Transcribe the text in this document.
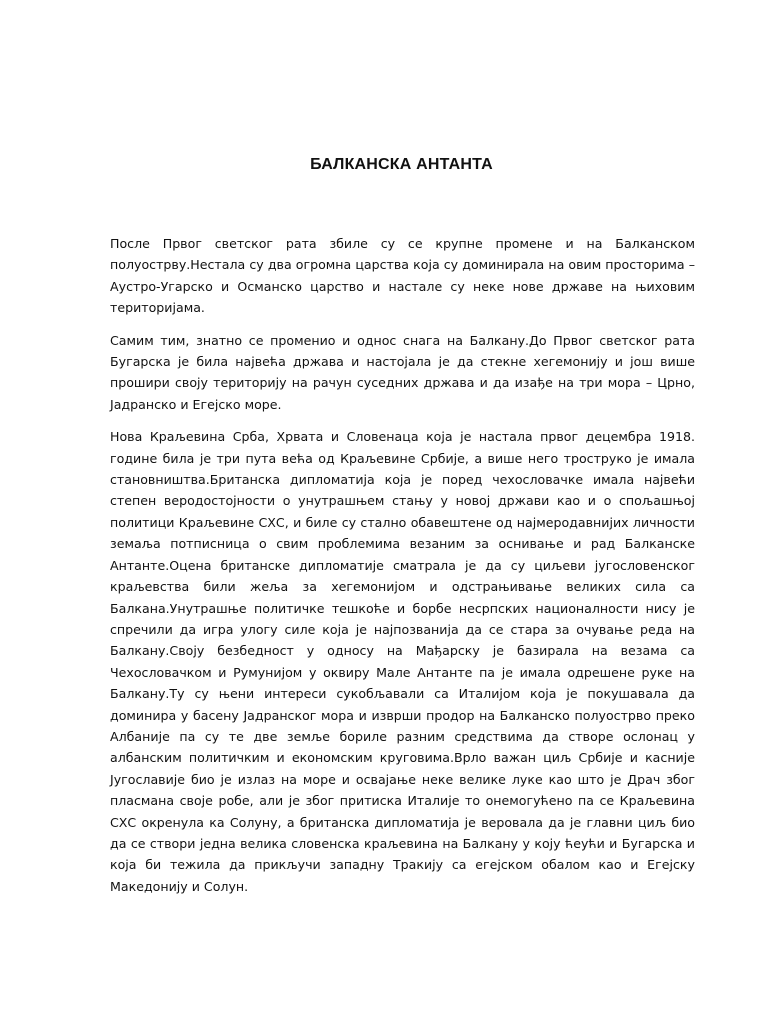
БАЛКАНСКА АНТАНТА

После Првог светског рата збиле су се крупне промене и на Балканском полуострву.Нестала су два огромна царства која су доминирала на овим просторима – Аустро-Угарско и Османско царство и настале су неке нове државе на њиховим територијама.

Самим тим, знатно се променио и однос снага на Балкану.До Првог светског рата Бугарска је била највећа држава и настојала је да стекне хегемонију и још више прошири своју територију на рачун суседних држава и да изађе на три мора – Црно, Јадранско и Егејско море.

Нова Краљевина Срба, Хрвата и Словенаца која је настала првог децембра 1918. године била је три пута већа од Краљевине Србије, а више него троструко је имала становништва.Британска дипломатија која је поред чехословачке имала највећи степен веродостојности о унутрашњем стању у новој држави као и о спољашњој политици Краљевине СХС, и биле су стално обавештене од најмеродавнијих личности земаља потписница о свим проблемима везаним за оснивање и рад Балканске Антанте.Оцена британске дипломатије сматрала је да су циљеви југословенског краљевства били жеља за хегемонијом и одстрањивање великих сила са Балкана.Унутрашње политичке тешкоће и борбе несрпских националности нису је спречили да игра улогу силе која је најпозванија да се стара за очување реда на Балкану.Своју безбедност у односу на Мађарску је базирала на везама са Чехословачком и Румунијом у оквиру Мале Антанте па је имала одрешене руке на Балкану.Ту су њени интереси сукобљавали са Италијом која је покушавала да доминира у басену Јадранског мора и изврши продор на Балканско полуострво преко Албаније па су те две земље бориле разним средствима да створе ослонац у албанским политичким и економским круговима.Врло важан циљ Србије и касније Југославије био је излаз на море и освајање неке велике луке као што је Драч због пласмана своје робе, али је због притиска Италије то онемогућено па се Краљевина СХС окренула ка Солуну, а британска дипломатија је веровала да је главни циљ био да се створи једна велика словенска краљевина на Балкану у коју ћеући и Бугарска и која би тежила да прикључи западну Тракију са егејском обалом као и Егејску Македонију и Солун.
